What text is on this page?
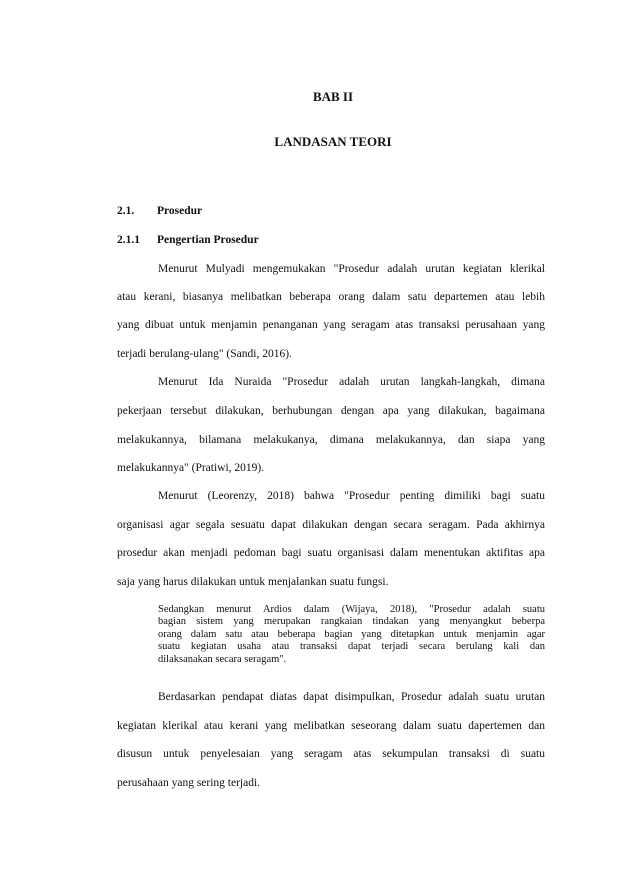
BAB II
LANDASAN TEORI
2.1. Prosedur
2.1.1 Pengertian Prosedur

Menurut Mulyadi mengemukakan "Prosedur adalah urutan kegiatan klerikal

atau kerani, biasanya melibatkan beberapa orang dalam satu departemen atau lebih

yang dibuat untuk menjamin penanganan yang seragam atas transaksi perusahaan yang

terjadi berulang-ulang" (Sandi, 2016).

Menurut Ida Nuraida "Prosedur adalah urutan langkah-langkah, dimana

pekerjaan tersebut dilakukan, berhubungan dengan apa yang dilakukan, bagaimana

melakukannya, bilamana melakukanya, dimana melakukannya, dan siapa yang

melakukannya" (Pratiwi, 2019).

Menurut (Leorenzy, 2018) bahwa "Prosedur penting dimiliki bagi suatu

organisasi agar segala sesuatu dapat dilakukan dengan secara seragam. Pada akhirnya

prosedur akan menjadi pedoman bagi suatu organisasi dalam menentukan aktifitas apa

saja yang harus dilakukan untuk menjalankan suatu fungsi.

Sedangkan menurut Ardios dalam (Wijaya, 2018), "Prosedur adalah suatu
bagian sistem yang merupakan rangkaian tindakan yang menyangkut beberpa
orang dalam satu atau beberapa bagian yang ditetapkan untuk menjamin agar
suatu kegiatan usaha atau transaksi dapat terjadi secara berulang kali dan
dilaksanakan secara seragam".

Berdasarkan pendapat diatas dapat disimpulkan, Prosedur adalah suatu urutan

kegiatan klerikal atau kerani yang melibatkan seseorang dalam suatu dapertemen dan

disusun untuk penyelesaian yang seragam atas sekumpulan transaksi di suatu

perusahaan yang sering terjadi.
